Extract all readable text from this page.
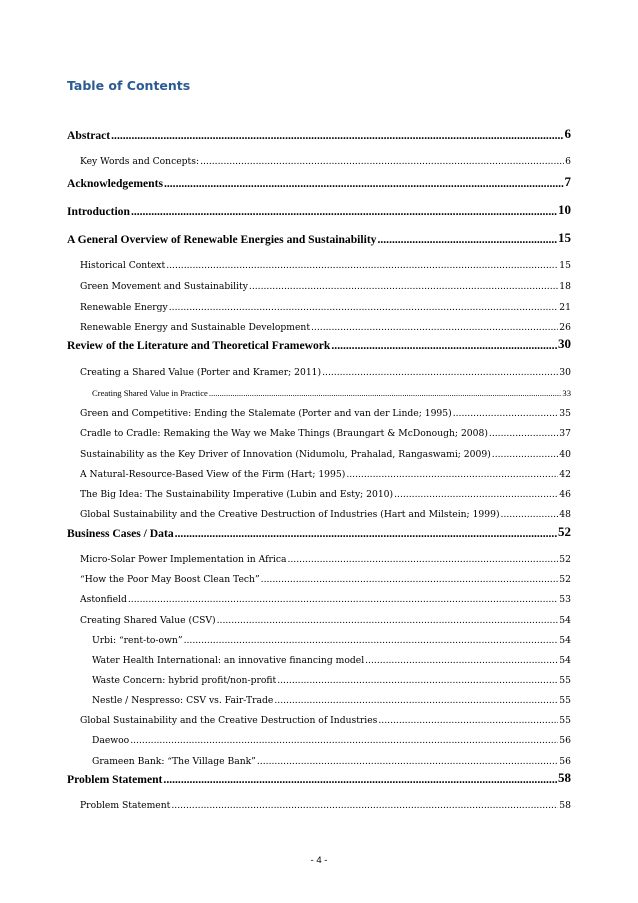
Table of Contents
Abstract .....	6
Key Words and Concepts: .....	6
Acknowledgements .....	7
Introduction .....	10
A General Overview of Renewable Energies and Sustainability .....	15
Historical Context .....	15
Green Movement and Sustainability .....	18
Renewable Energy .....	21
Renewable Energy and Sustainable Development .....	26
Review of the Literature and Theoretical Framework .....	30
Creating a Shared Value (Porter and Kramer; 2011) .....	30
Creating Shared Value in Practice .....	33
Green and Competitive: Ending the Stalemate (Porter and van der Linde; 1995) .....	35
Cradle to Cradle: Remaking the Way we Make Things (Braungart & McDonough; 2008) .....	37
Sustainability as the Key Driver of Innovation (Nidumolu, Prahalad, Rangaswami; 2009) .....	40
A Natural-Resource-Based View of the Firm (Hart; 1995) .....	42
The Big Idea: The Sustainability Imperative (Lubin and Esty; 2010) .....	46
Global Sustainability and the Creative Destruction of Industries (Hart and Milstein; 1999) .....	48
Business Cases / Data .....	52
Micro-Solar Power Implementation in Africa .....	52
“How the Poor May Boost Clean Tech” .....	52
Astonfield .....	53
Creating Shared Value (CSV) .....	54
Urbi: “rent-to-own” .....	54
Water Health International: an innovative financing model .....	54
Waste Concern: hybrid profit/non-profit .....	55
Nestle / Nespresso: CSV vs. Fair-Trade .....	55
Global Sustainability and the Creative Destruction of Industries .....	55
Daewoo .....	56
Grameen Bank: “The Village Bank” .....	56
Problem Statement .....	58
Problem Statement .....	58
- 4 -
